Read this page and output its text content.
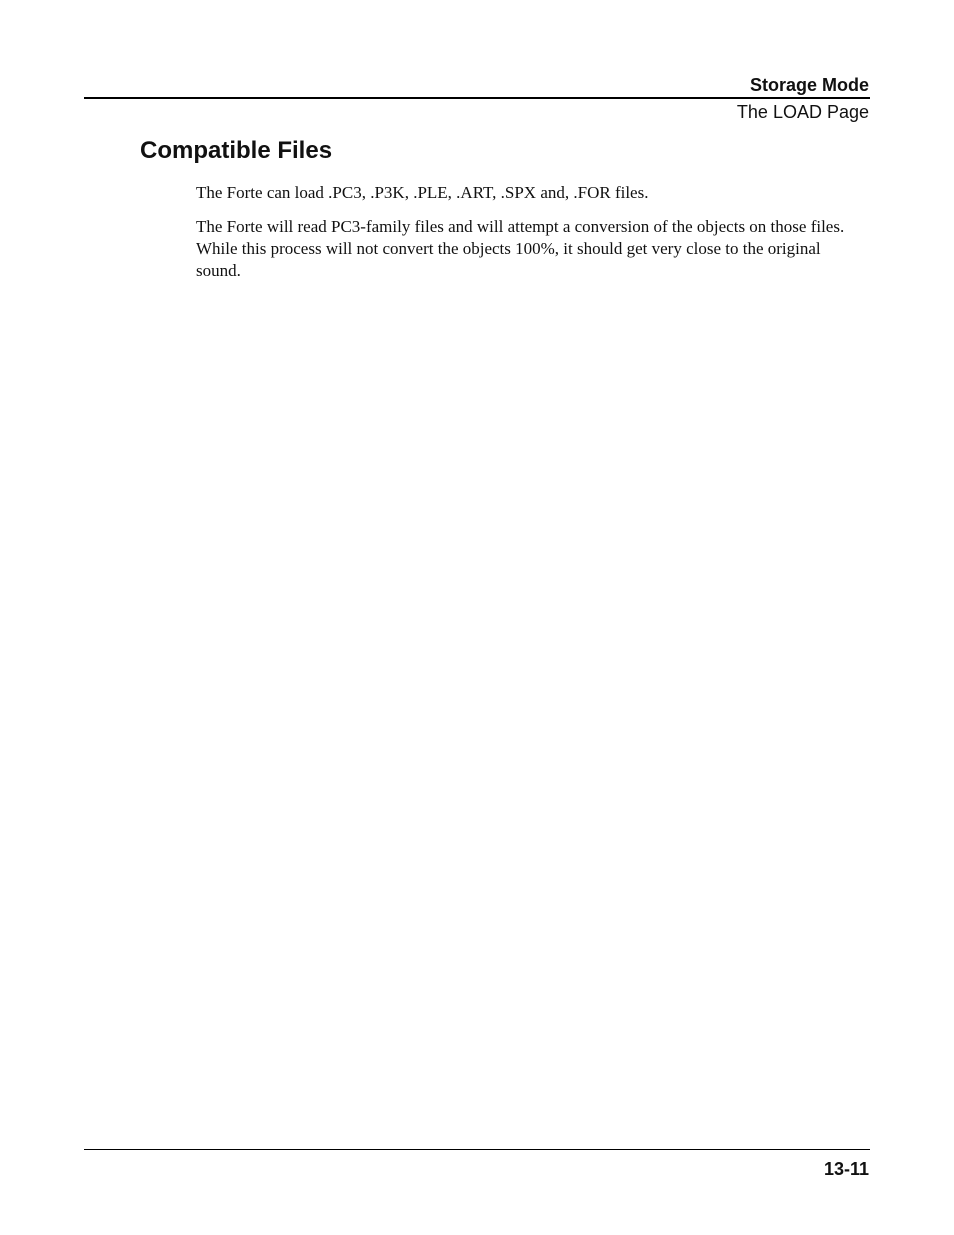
Storage Mode
The LOAD Page
Compatible Files

The Forte can load .PC3, .P3K, .PLE, .ART, .SPX and, .FOR files.

The Forte will read PC3-family files and will attempt a conversion of the objects on those files. While this process will not convert the objects 100%, it should get very close to the original sound.

13-11
